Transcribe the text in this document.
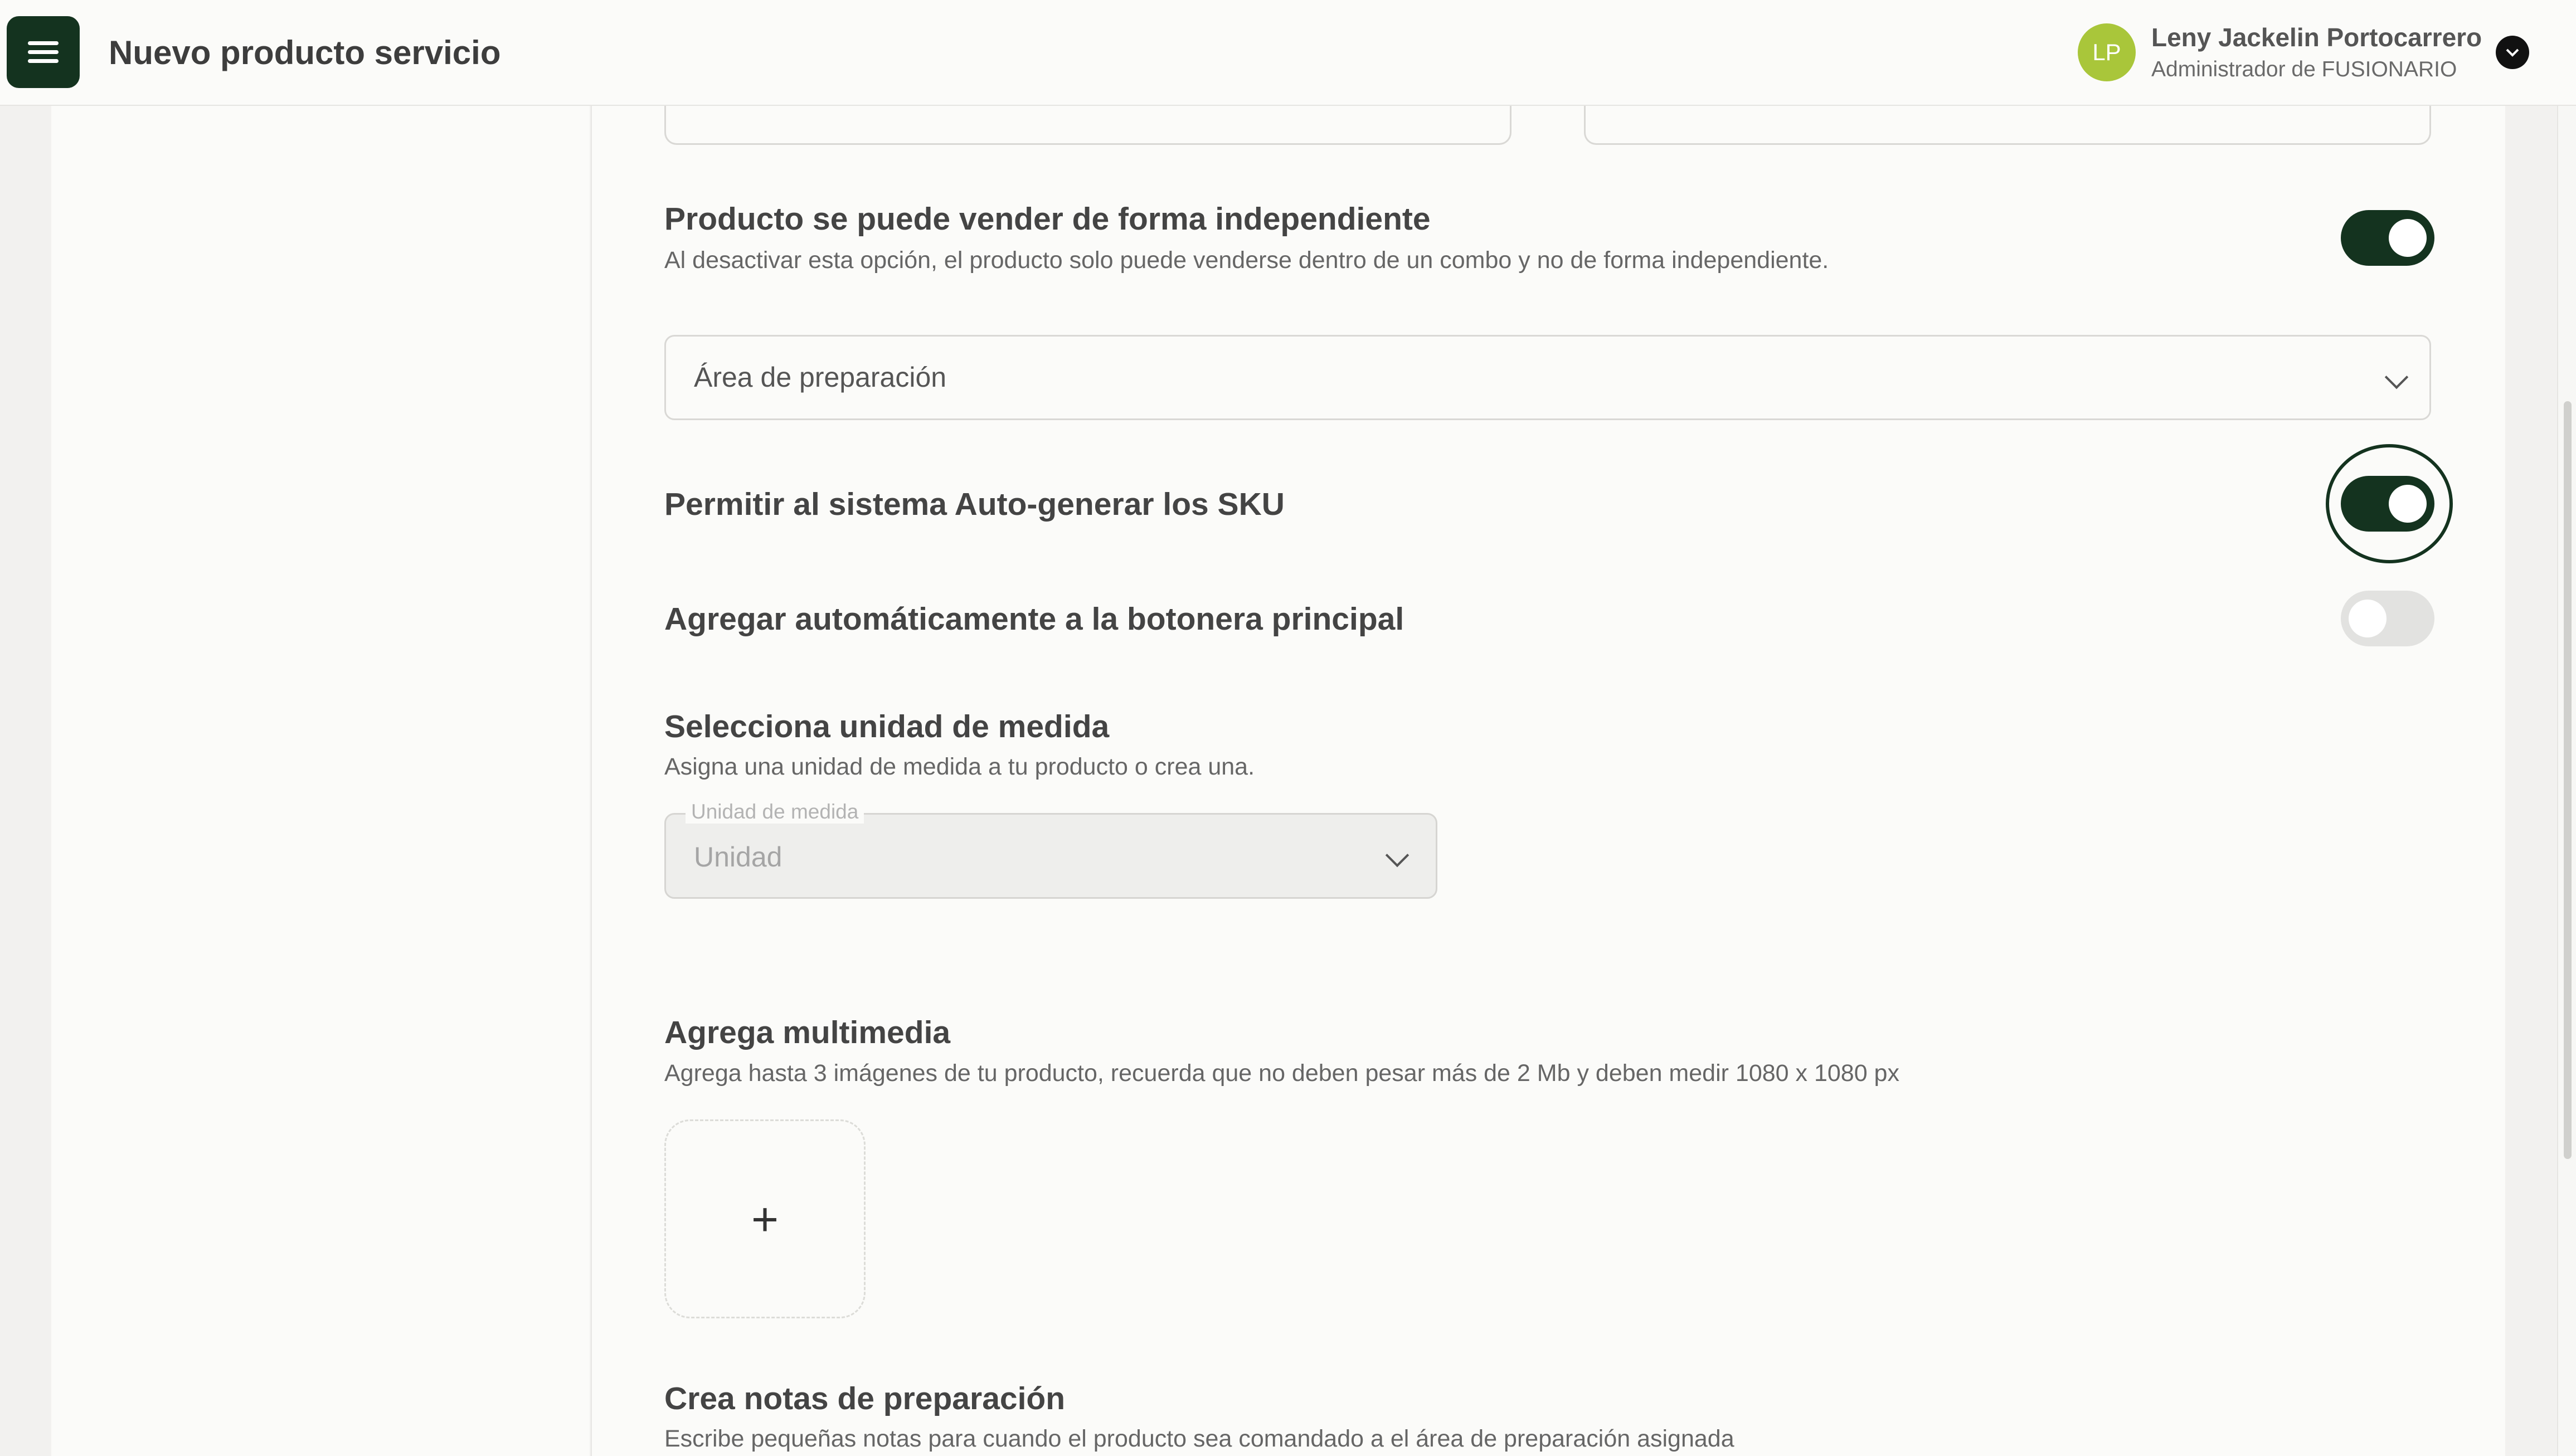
Nuevo producto servicio	LP
Leny Jackelin Portocarrero
Administrador de FUSIONARIO
Producto se puede vender de forma independiente
Al desactivar esta opción, el producto solo puede venderse dentro de un combo y no de forma independiente.
Área de preparación
Permitir al sistema Auto-generar los SKU
Agregar automáticamente a la botonera principal
Selecciona unidad de medida
Asigna una unidad de medida a tu producto o crea una.
Unidad
Unidad de medida
Agrega multimedia
Agrega hasta 3 imágenes de tu producto, recuerda que no deben pesar más de 2 Mb y deben medir 1080 x 1080 px
+
Crea notas de preparación
Escribe pequeñas notas para cuando el producto sea comandado a el área de preparación asignada
